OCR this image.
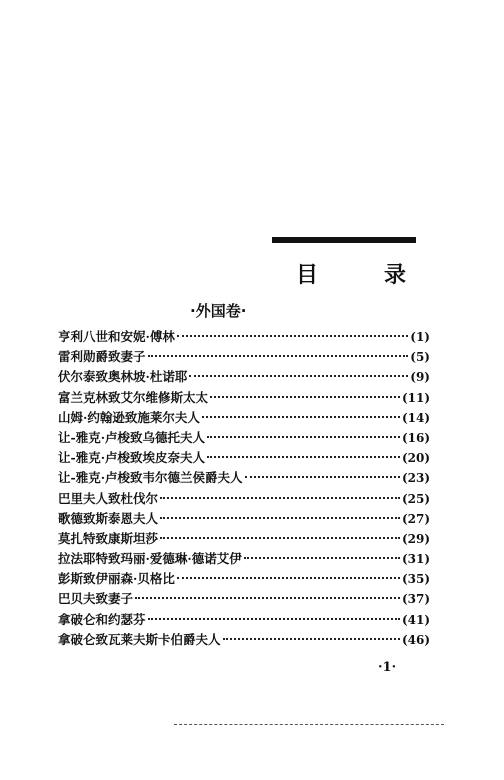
目	录
·外国卷·
亨利八世和安妮·傅林	(1)
雷利勋爵致妻子	(5)
伏尔泰致奥林坡·杜诺耶	(9)
富兰克林致艾尔维修斯太太	(11)
山姆·约翰逊致施莱尔夫人	(14)
让-雅克·卢梭致乌德托夫人	(16)
让-雅克·卢梭致埃皮奈夫人	(20)
让-雅克·卢梭致韦尔德兰侯爵夫人	(23)
巴里夫人致杜伐尔	(25)
歌德致斯泰恩夫人	(27)
莫扎特致康斯坦莎	(29)
拉法耶特致玛丽·爱德琳·德诺艾伊	(31)
彭斯致伊丽森·贝格比	(35)
巴贝夫致妻子	(37)
拿破仑和约瑟芬	(41)
拿破仑致瓦莱夫斯卡伯爵夫人	(46)
·1·
